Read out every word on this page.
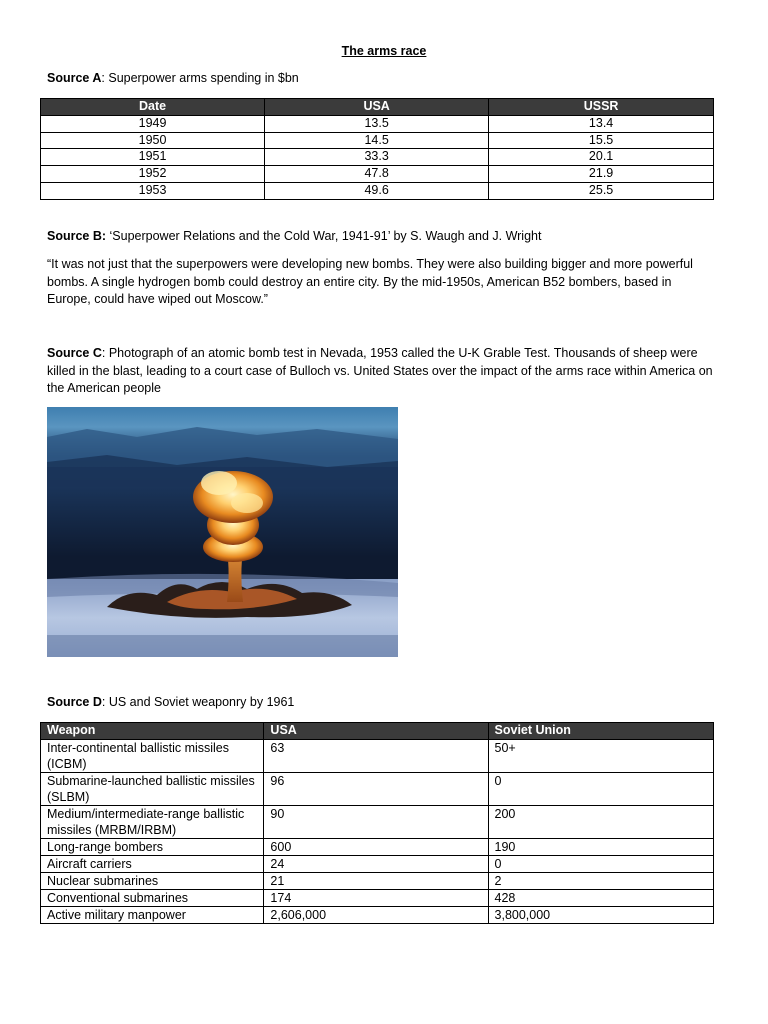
The arms race
Source A: Superpower arms spending in $bn
Date	USA	USSR
1949	13.5	13.4
1950	14.5	15.5
1951	33.3	20.1
1952	47.8	21.9
1953	49.6	25.5
Source B: ‘Superpower Relations and the Cold War, 1941-91’ by S. Waugh and J. Wright
“It was not just that the superpowers were developing new bombs. They were also building bigger and more powerful bombs. A single hydrogen bomb could destroy an entire city. By the mid-1950s, American B52 bombers, based in Europe, could have wiped out Moscow.”
Source C: Photograph of an atomic bomb test in Nevada, 1953 called the U-K Grable Test. Thousands of sheep were killed in the blast, leading to a court case of Bulloch vs. United States over the impact of the arms race within America on the American people
Source D: US and Soviet weaponry by 1961
Weapon	USA	Soviet Union
Inter-continental ballistic missiles (ICBM)	63	50+
Submarine-launched ballistic missiles (SLBM)	96	0
Medium/intermediate-range ballistic missiles (MRBM/IRBM)	90	200
Long-range bombers	600	190
Aircraft carriers	24	0
Nuclear submarines	21	2
Conventional submarines	174	428
Active military manpower	2,606,000	3,800,000
